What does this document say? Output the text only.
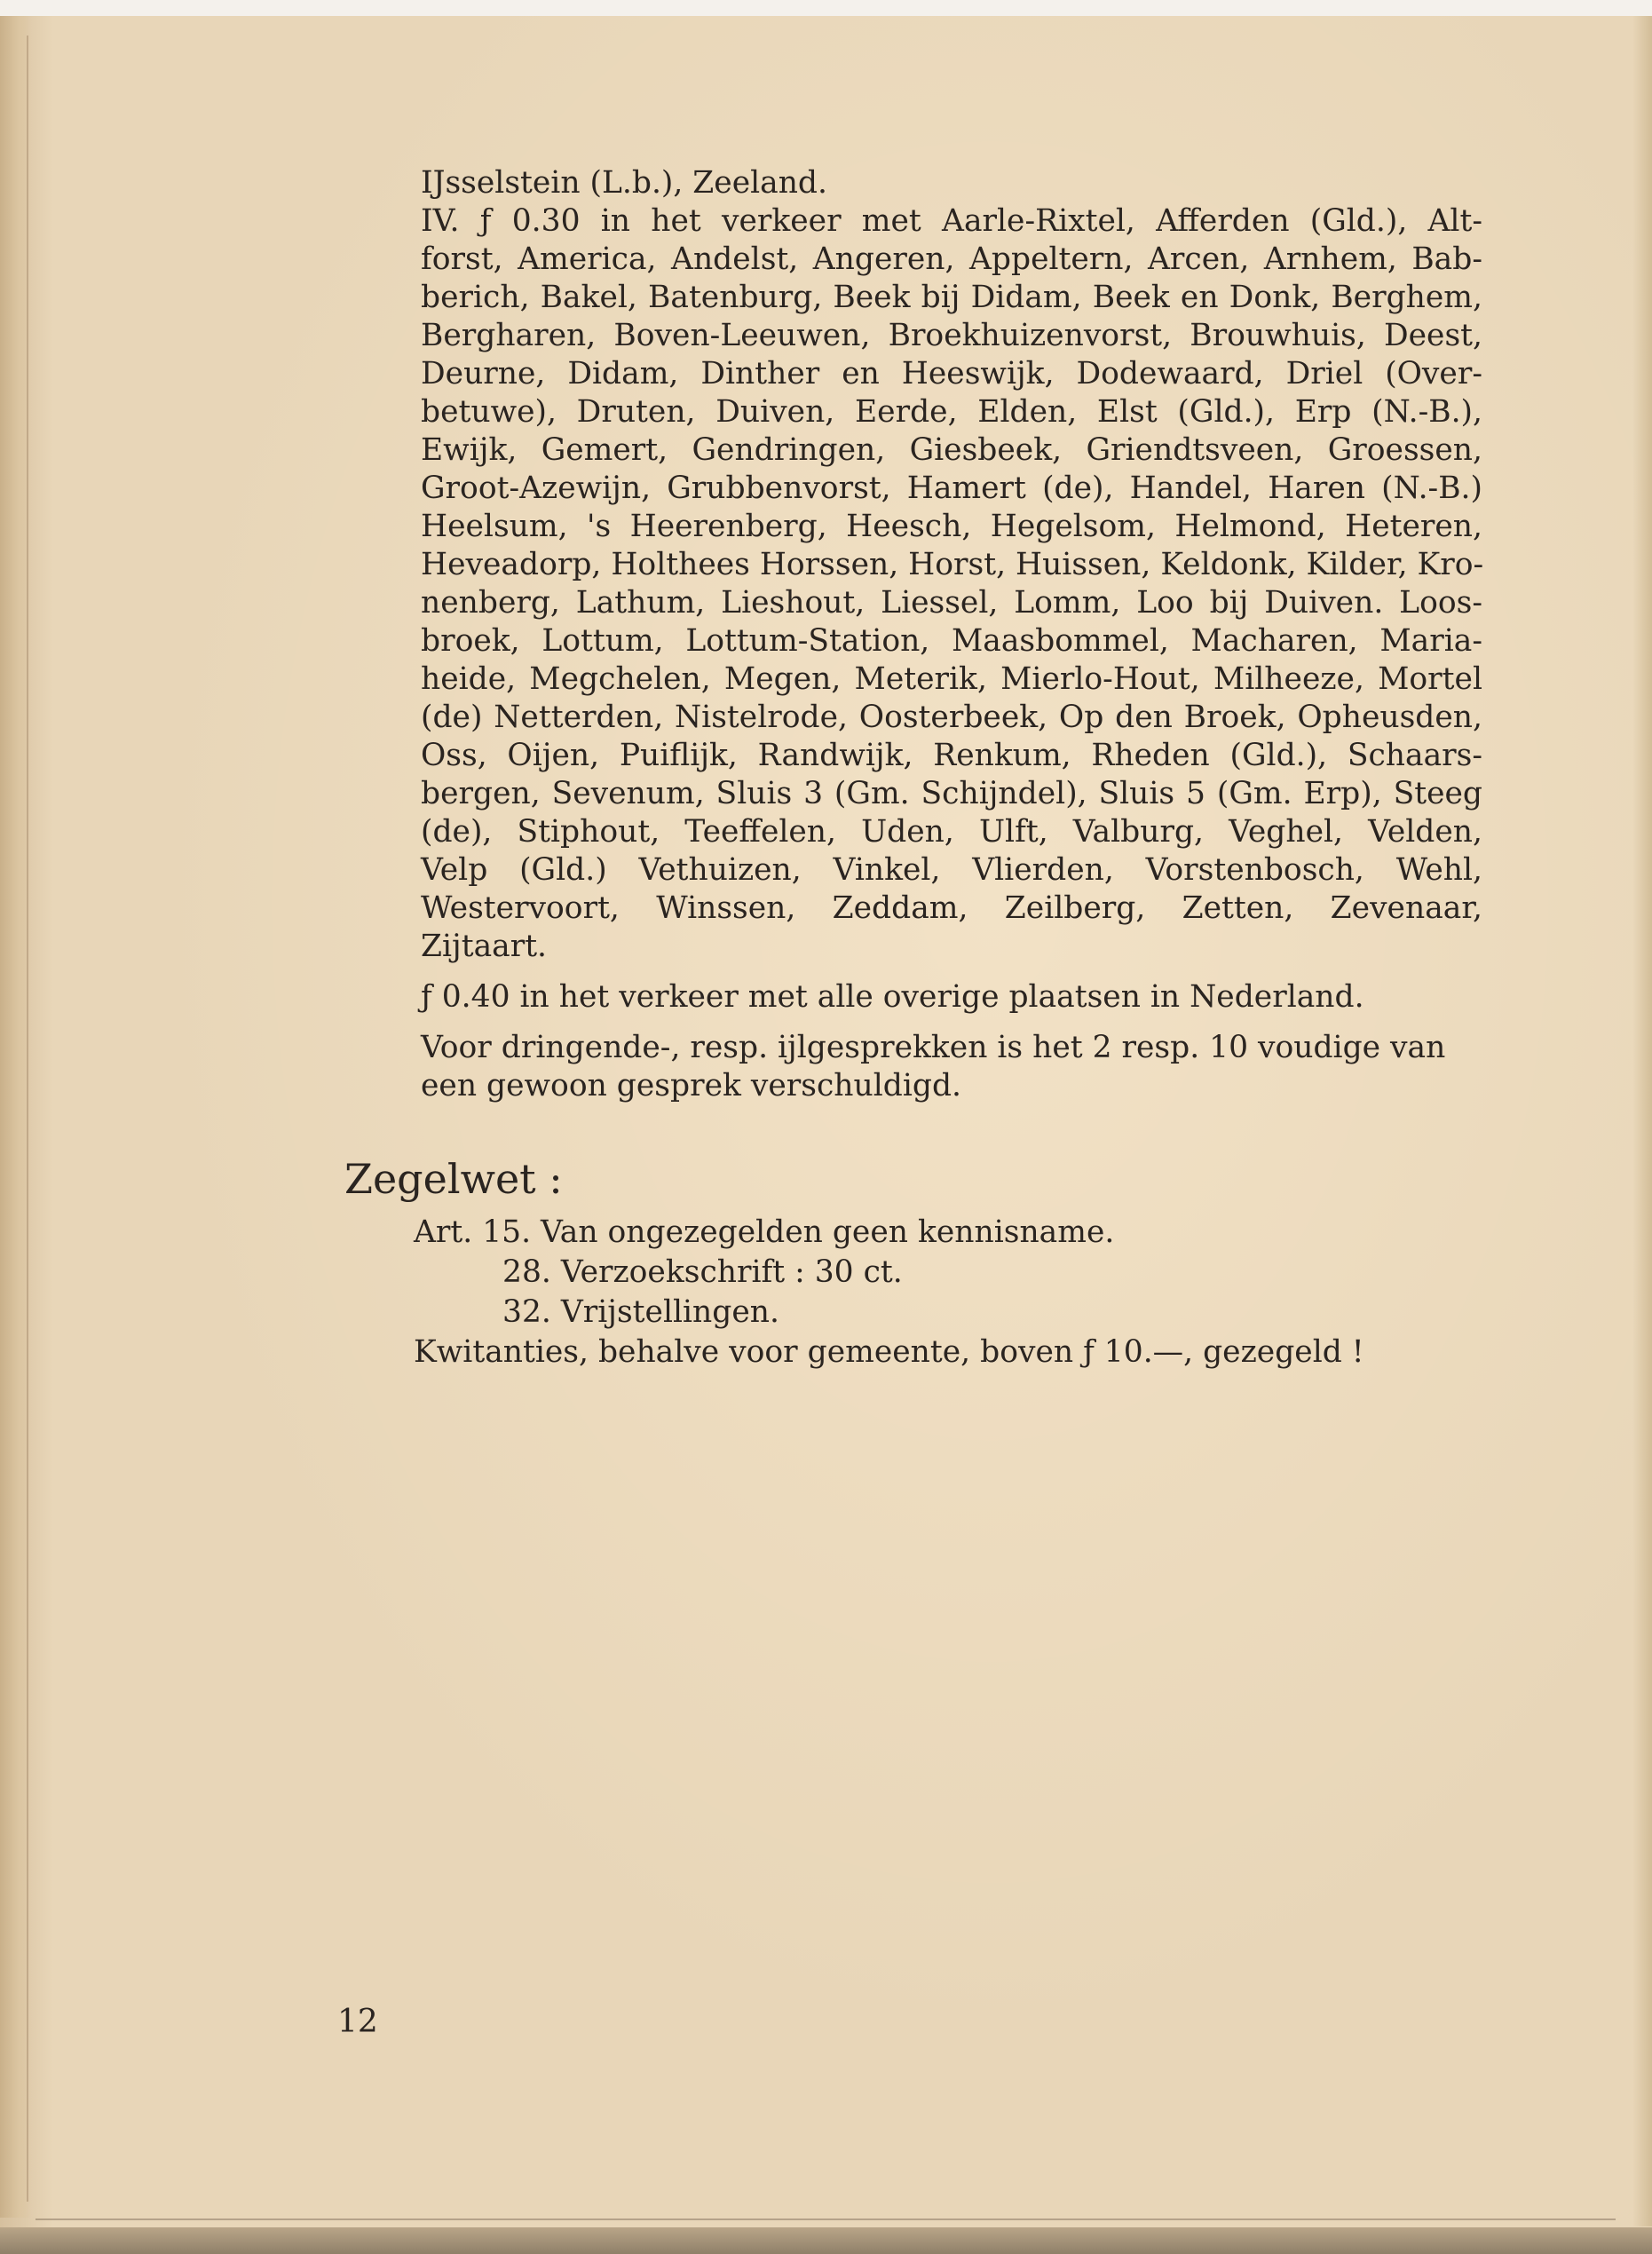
IJsselstein (L.b.), Zeeland.
IV. ƒ 0.30 in het verkeer met Aarle-Rixtel, Afferden (Gld.), Alt-
forst, America, Andelst, Angeren, Appeltern, Arcen, Arnhem, Bab-
berich, Bakel, Batenburg, Beek bij Didam, Beek en Donk, Berghem,
Bergharen, Boven-Leeuwen, Broekhuizenvorst, Brouwhuis, Deest,
Deurne, Didam, Dinther en Heeswijk, Dodewaard, Driel (Over-
betuwe), Druten, Duiven, Eerde, Elden, Elst (Gld.), Erp (N.-B.),
Ewijk, Gemert, Gendringen, Giesbeek, Griendtsveen, Groessen,
Groot-Azewijn, Grubbenvorst, Hamert (de), Handel, Haren (N.-B.)
Heelsum, 's Heerenberg, Heesch, Hegelsom, Helmond, Heteren,
Heveadorp, Holthees Horssen, Horst, Huissen, Keldonk, Kilder, Kro-
nenberg, Lathum, Lieshout, Liessel, Lomm, Loo bij Duiven. Loos-
broek, Lottum, Lottum-Station, Maasbommel, Macharen, Maria-
heide, Megchelen, Megen, Meterik, Mierlo-Hout, Milheeze, Mortel
(de) Netterden, Nistelrode, Oosterbeek, Op den Broek, Opheusden,
Oss, Oijen, Puiflijk, Randwijk, Renkum, Rheden (Gld.), Schaars-
bergen, Sevenum, Sluis 3 (Gm. Schijndel), Sluis 5 (Gm. Erp), Steeg
(de), Stiphout, Teeffelen, Uden, Ulft, Valburg, Veghel, Velden,
Velp (Gld.) Vethuizen, Vinkel, Vlierden, Vorstenbosch, Wehl,
Westervoort, Winssen, Zeddam, Zeilberg, Zetten, Zevenaar,
Zijtaart.
ƒ 0.40 in het verkeer met alle overige plaatsen in Nederland.
Voor dringende-, resp. ijlgesprekken is het 2 resp. 10 voudige van
een gewoon gesprek verschuldigd.
Zegelwet :
Art. 15. Van ongezegelden geen kennisname.
28. Verzoekschrift : 30 ct.
32. Vrijstellingen.
Kwitanties, behalve voor gemeente, boven ƒ 10.—, gezegeld !
12
